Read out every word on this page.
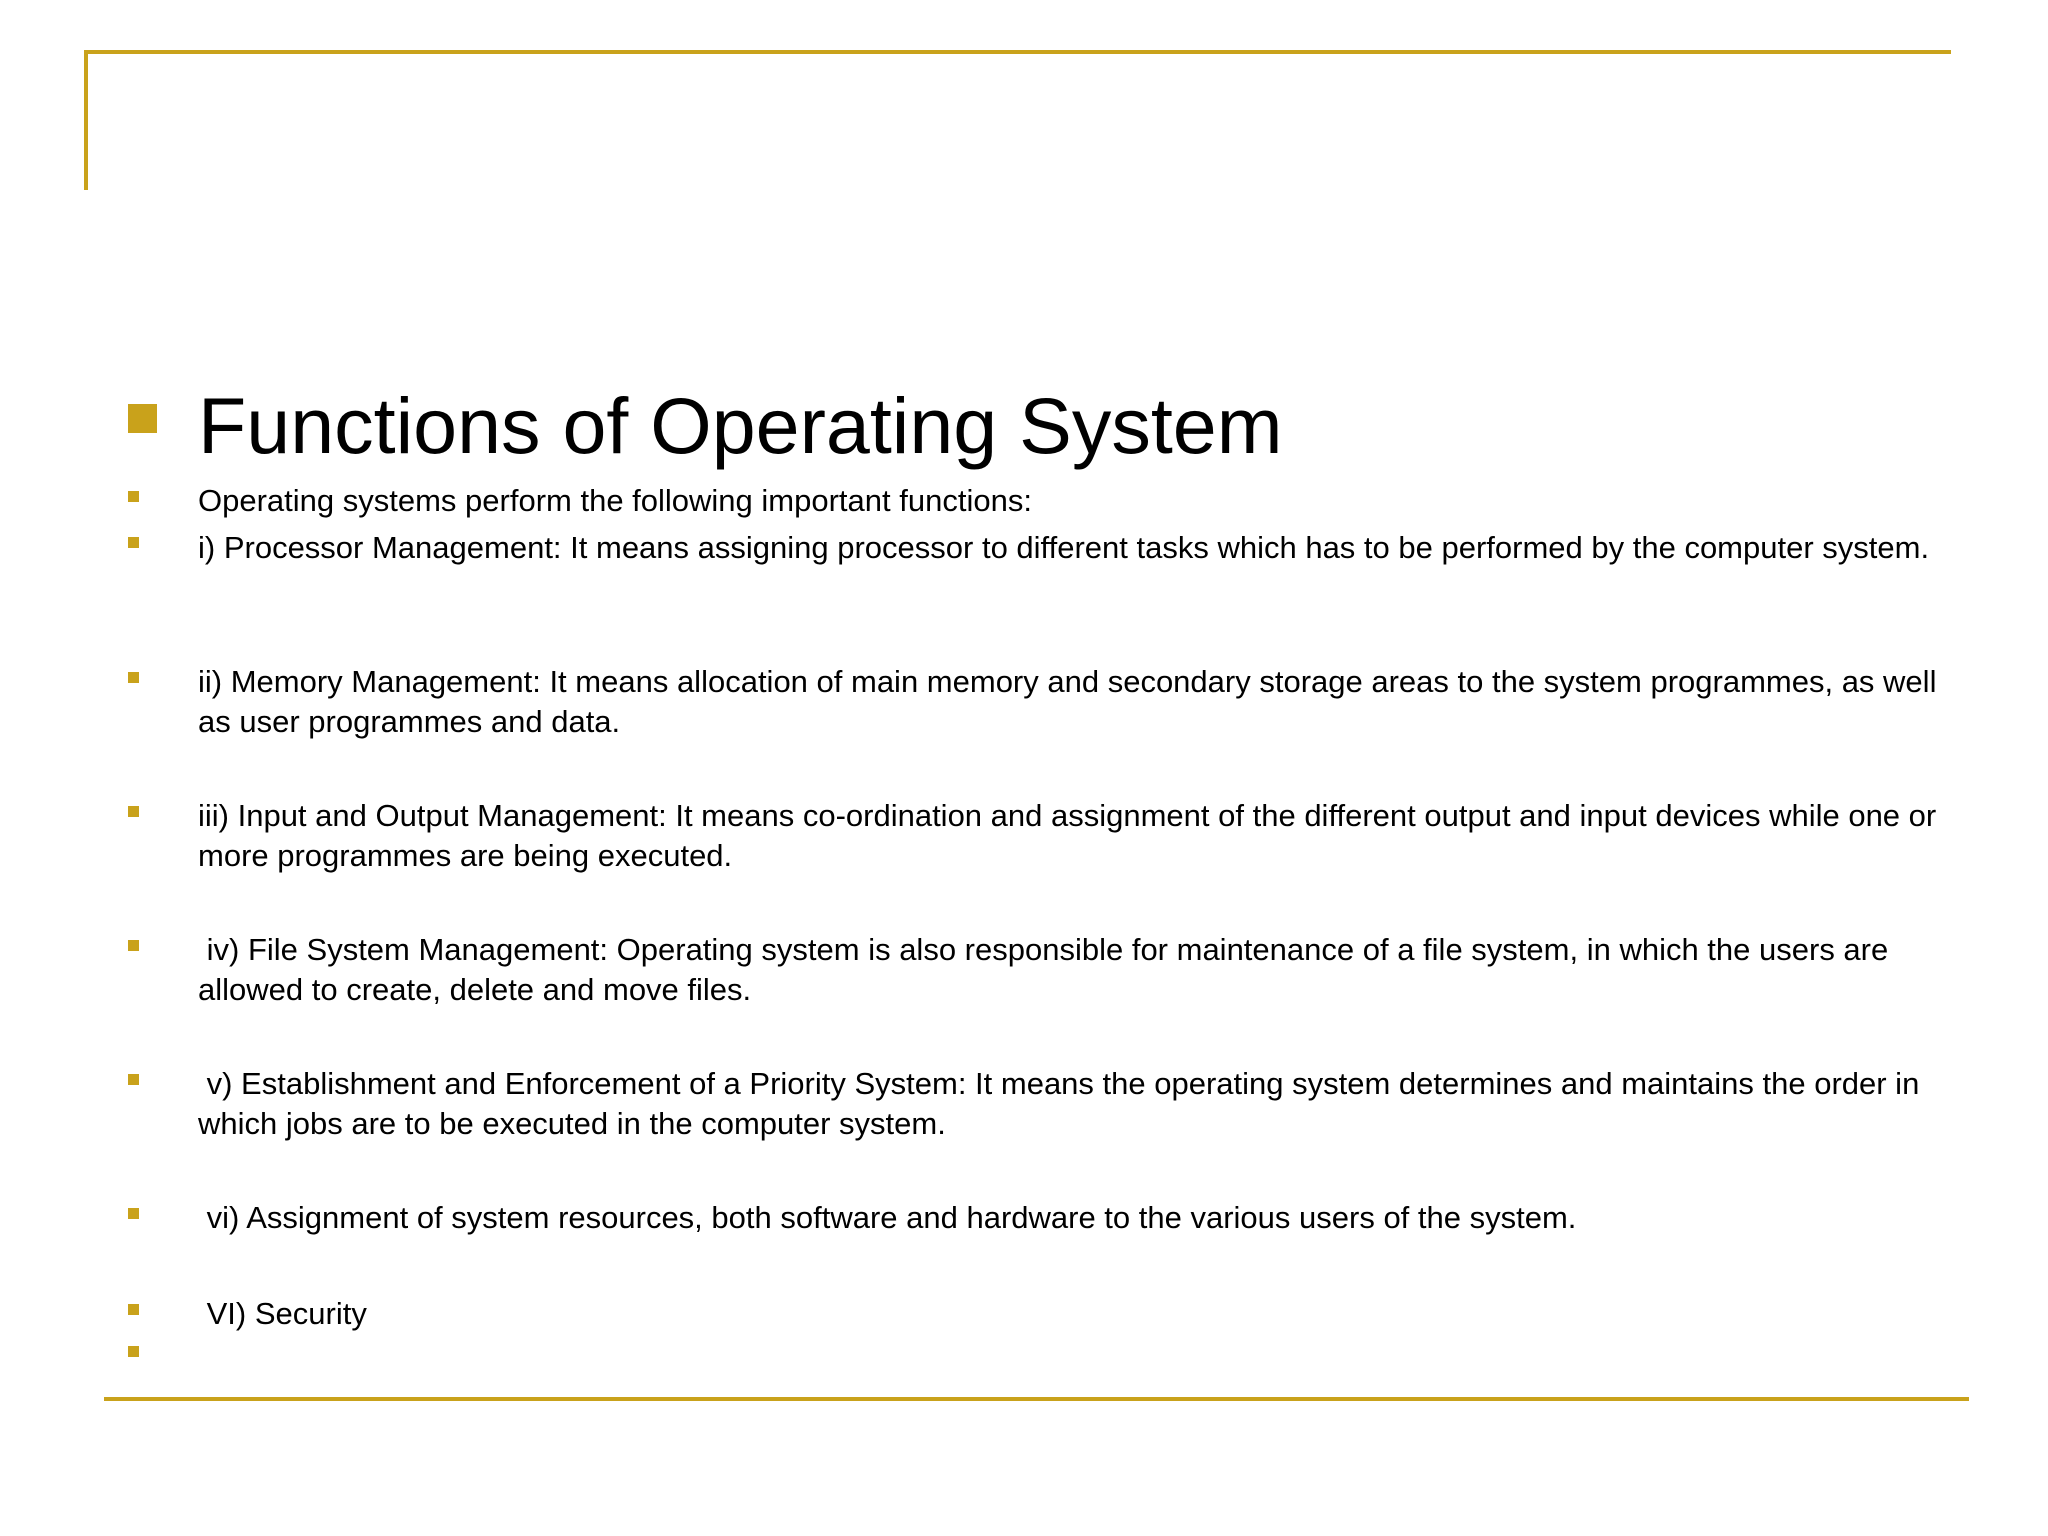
Functions of Operating System

Operating systems perform the following important functions:

i) Processor Management: It means assigning processor to different tasks which has to be performed by the computer system.

ii) Memory Management: It means allocation of main memory and secondary storage areas to the system programmes, as well as user programmes and data.

iii) Input and Output Management: It means co-ordination and assignment of the different output and input devices while one or more programmes are being executed.

iv) File System Management: Operating system is also responsible for maintenance of a file system, in which the users are allowed to create, delete and move files.

v) Establishment and Enforcement of a Priority System: It means the operating system determines and maintains the order in which jobs are to be executed in the computer system.

vi) Assignment of system resources, both software and hardware to the various users of the system.

VI) Security
